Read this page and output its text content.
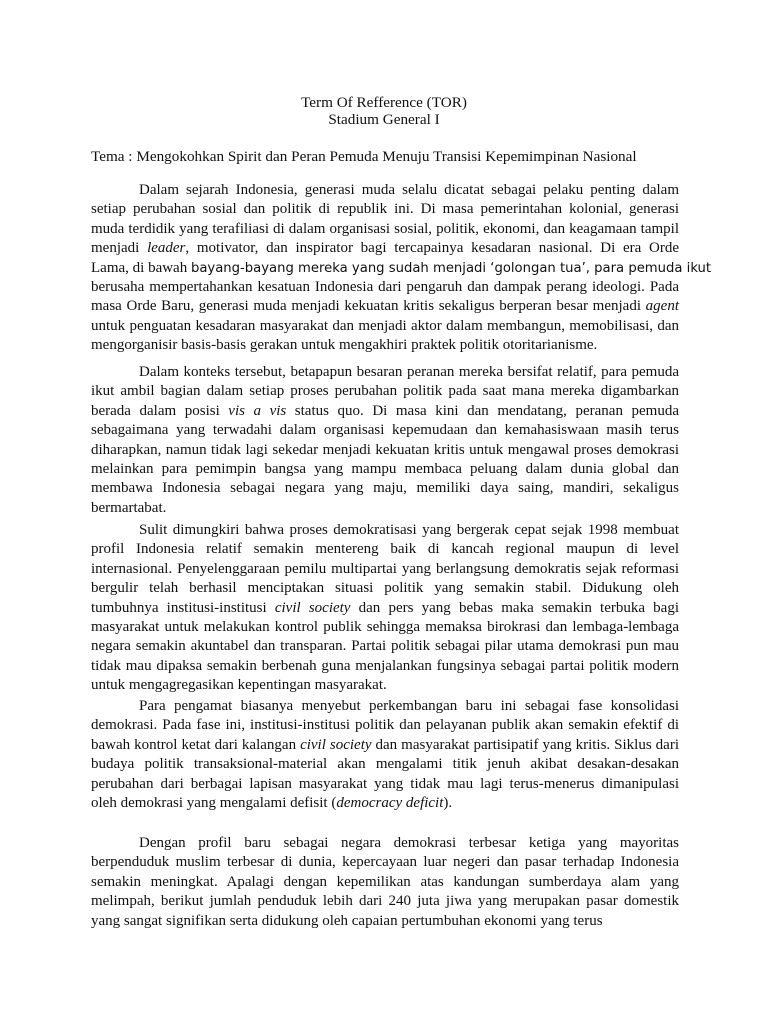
Term Of Refference (TOR)
Stadium General I

Tema : Mengokohkan Spirit dan Peran Pemuda Menuju Transisi Kepemimpinan Nasional

Dalam sejarah Indonesia, generasi muda selalu dicatat sebagai pelaku penting dalam
setiap perubahan sosial dan politik di republik ini. Di masa pemerintahan kolonial, generasi
muda terdidik yang terafiliasi di dalam organisasi sosial, politik, ekonomi, dan keagamaan tampil
menjadi leader, motivator, dan inspirator bagi tercapainya kesadaran nasional. Di era Orde
Lama, di bawah bayang-bayang mereka yang sudah menjadi ‘golongan tua’, para pemuda ikut
berusaha mempertahankan kesatuan Indonesia dari pengaruh dan dampak perang ideologi. Pada
masa Orde Baru, generasi muda menjadi kekuatan kritis sekaligus berperan besar menjadi agent
untuk penguatan kesadaran masyarakat dan menjadi aktor dalam membangun, memobilisasi, dan
mengorganisir basis-basis gerakan untuk mengakhiri praktek politik otoritarianisme.
Dalam konteks tersebut, betapapun besaran peranan mereka bersifat relatif, para pemuda
ikut ambil bagian dalam setiap proses perubahan politik pada saat mana mereka digambarkan
berada dalam posisi vis a vis status quo. Di masa kini dan mendatang, peranan pemuda
sebagaimana yang terwadahi dalam organisasi kepemudaan dan kemahasiswaan masih terus
diharapkan, namun tidak lagi sekedar menjadi kekuatan kritis untuk mengawal proses demokrasi
melainkan para pemimpin bangsa yang mampu membaca peluang dalam dunia global dan
membawa Indonesia sebagai negara yang maju, memiliki daya saing, mandiri, sekaligus
bermartabat.
Sulit dimungkiri bahwa proses demokratisasi yang bergerak cepat sejak 1998 membuat
profil Indonesia relatif semakin mentereng baik di kancah regional maupun di level
internasional. Penyelenggaraan pemilu multipartai yang berlangsung demokratis sejak reformasi
bergulir telah berhasil menciptakan situasi politik yang semakin stabil. Didukung oleh
tumbuhnya institusi-institusi civil society dan pers yang bebas maka semakin terbuka bagi
masyarakat untuk melakukan kontrol publik sehingga memaksa birokrasi dan lembaga-lembaga
negara semakin akuntabel dan transparan. Partai politik sebagai pilar utama demokrasi pun mau
tidak mau dipaksa semakin berbenah guna menjalankan fungsinya sebagai partai politik modern
untuk mengagregasikan kepentingan masyarakat.
Para pengamat biasanya menyebut perkembangan baru ini sebagai fase konsolidasi
demokrasi. Pada fase ini, institusi-institusi politik dan pelayanan publik akan semakin efektif di
bawah kontrol ketat dari kalangan civil society dan masyarakat partisipatif yang kritis. Siklus dari
budaya politik transaksional-material akan mengalami titik jenuh akibat desakan-desakan
perubahan dari berbagai lapisan masyarakat yang tidak mau lagi terus-menerus dimanipulasi
oleh demokrasi yang mengalami defisit (democracy deficit).
Dengan profil baru sebagai negara demokrasi terbesar ketiga yang mayoritas
berpenduduk muslim terbesar di dunia, kepercayaan luar negeri dan pasar terhadap Indonesia
semakin meningkat. Apalagi dengan kepemilikan atas kandungan sumberdaya alam yang
melimpah, berikut jumlah penduduk lebih dari 240 juta jiwa yang merupakan pasar domestik
yang sangat signifikan serta didukung oleh capaian pertumbuhan ekonomi yang terus
